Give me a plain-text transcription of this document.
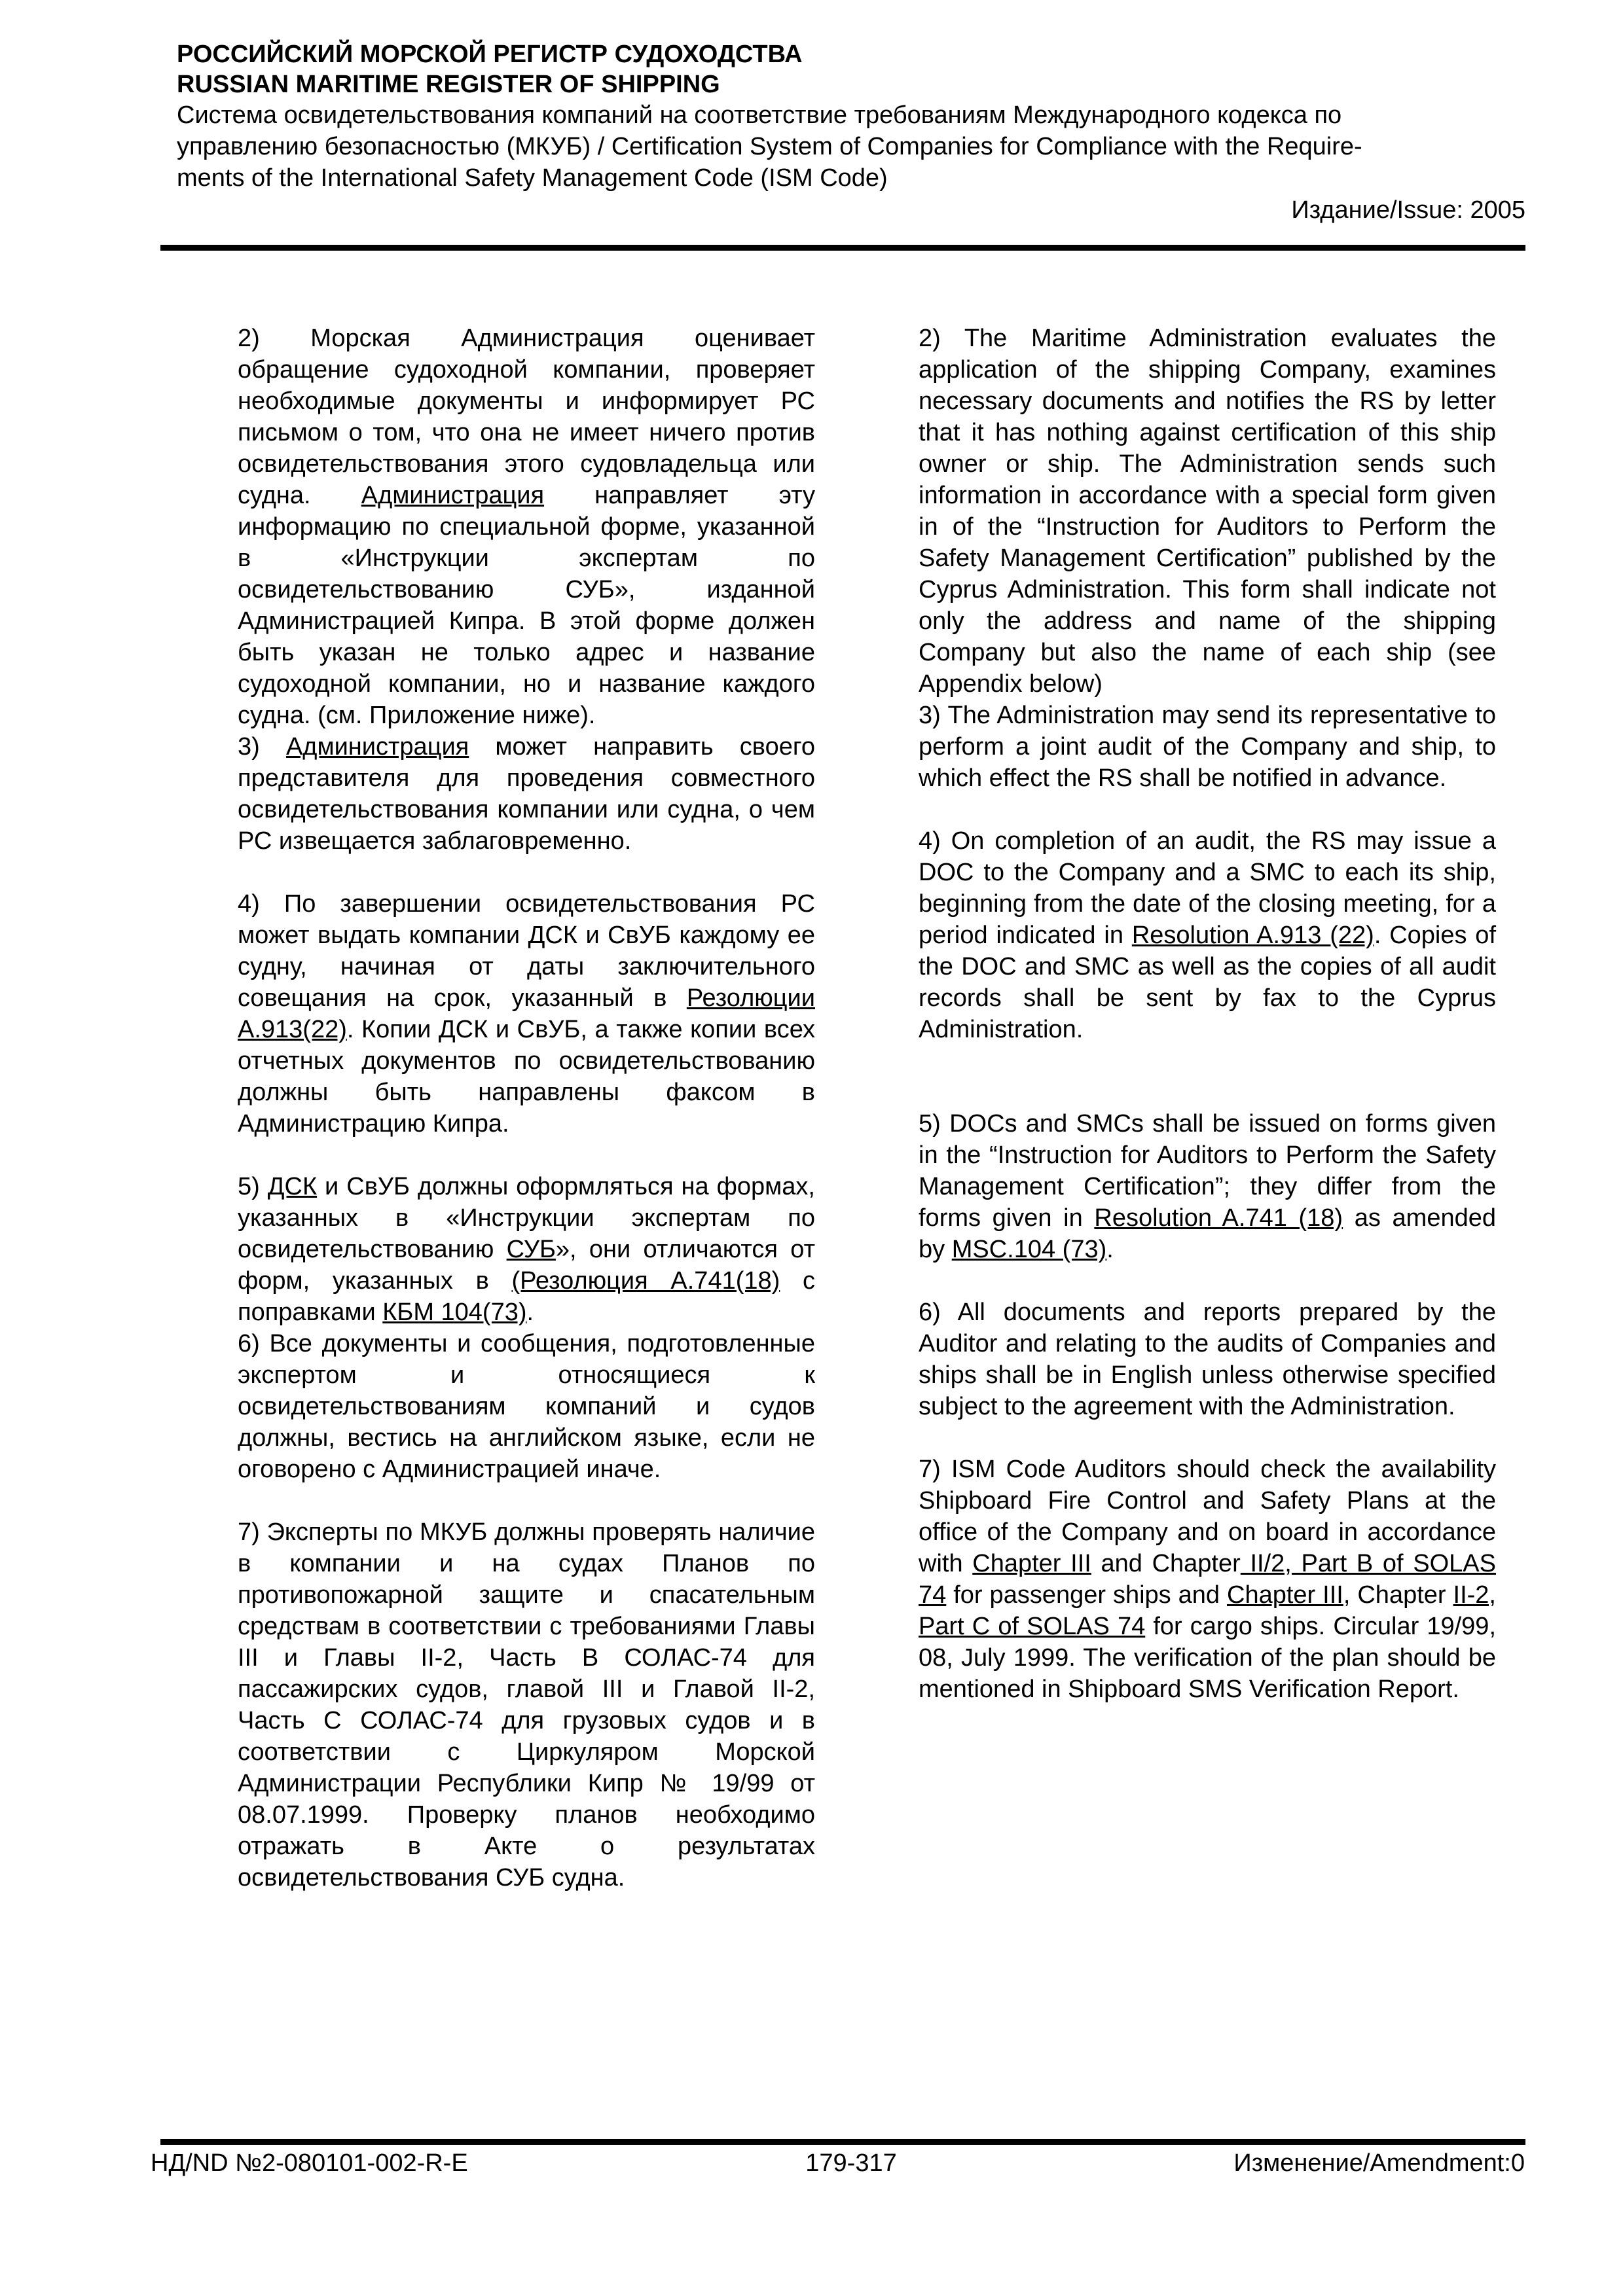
РОССИЙСКИЙ МОРСКОЙ РЕГИСТР СУДОХОДСТВА
RUSSIAN MARITIME REGISTER OF SHIPPING
Система освидетельствования компаний на соответствие требованиям Международного кодекса по
управлению безопасностью (МКУБ) / Certification System of Companies for Compliance with the Require-
ments of the International Safety Management Code (ISM Code)
Издание/Issue: 2005

2) Морская Администрация оценивает обращение судоходной компании, проверяет необходимые документы и информирует РС письмом о том, что она не имеет ничего против освидетельствования этого судовладельца или судна. Администрация направляет эту информацию по специальной форме, указанной в «Инструкции экспертам по освидетельствованию СУБ», изданной Администрацией Кипра. В этой форме должен быть указан не только адрес и название судоходной компании, но и название каждого судна. (см. Приложение ниже).

3) Администрация может направить своего представителя для проведения совместного освидетельствования компании или судна, о чем РС извещается заблаговременно.

4) По завершении освидетельствования РС может выдать компании ДСК и СвУБ каждому ее судну, начиная от даты заключительного совещания на срок, указанный в Резолюции А.913(22). Копии ДСК и СвУБ, а также копии всех отчетных документов по освидетельствованию должны быть направлены факсом в Администрацию Кипра.

5) ДСК и СвУБ должны оформляться на формах, указанных в «Инструкции экспертам по освидетельствованию СУБ», они отличаются от форм, указанных в (Резолюция А.741(18) с поправками КБМ 104(73).

6) Все документы и сообщения, подготовленные экспертом и относящиеся к освидетельствованиям компаний и судов должны, вестись на английском языке, если не оговорено с Администрацией иначе.

7) Эксперты по МКУБ должны проверять наличие в компании и на судах Планов по противопожарной защите и спасательным средствам в соответствии с требованиями Главы III и Главы II-2, Часть В СОЛАС-74 для пассажирских судов, главой III и Главой II-2, Часть С СОЛАС-74 для грузовых судов и в соответствии с Циркуляром Морской Администрации Республики Кипр № 19/99 от 08.07.1999. Проверку планов необходимо отражать в Акте о результатах освидетельствования СУБ судна.

2) The Maritime Administration evaluates the application of the shipping Company, examines necessary documents and notifies the RS by letter that it has nothing against certification of this ship owner or ship. The Administration sends such information in accordance with a special form given in of the “Instruction for Auditors to Perform the Safety Management Certification” published by the Cyprus Administration. This form shall indicate not only the address and name of the shipping Company but also the name of each ship (see Appendix below)

3) The Administration may send its representative to perform a joint audit of the Company and ship, to which effect the RS shall be notified in advance.

4) On completion of an audit, the RS may issue a DOC to the Company and a SMC to each its ship, beginning from the date of the closing meeting, for a period indicated in Resolution A.913 (22). Copies of the DOC and SMC as well as the copies of all audit records shall be sent by fax to the Cyprus Administration.

5) DOCs and SMCs shall be issued on forms given in the “Instruction for Auditors to Perform the Safety Management Certification”; they differ from the forms given in Resolution A.741 (18) as amended by MSC.104 (73).

6) All documents and reports prepared by the Auditor and relating to the audits of Companies and ships shall be in English unless otherwise specified subject to the agreement with the Administration.

7) ISM Code Auditors should check the availability Shipboard Fire Control and Safety Plans at the office of the Company and on board in accordance with Chapter III and Chapter II/2, Part B of SOLAS 74 for passenger ships and Chapter III, Chapter II-2, Part C of SOLAS 74 for cargo ships. Circular 19/99, 08, July 1999. The verification of the plan should be mentioned in Shipboard SMS Verification Report.

НД/ND №2-080101-002-R-E	179-317	Изменение/Amendment:0
